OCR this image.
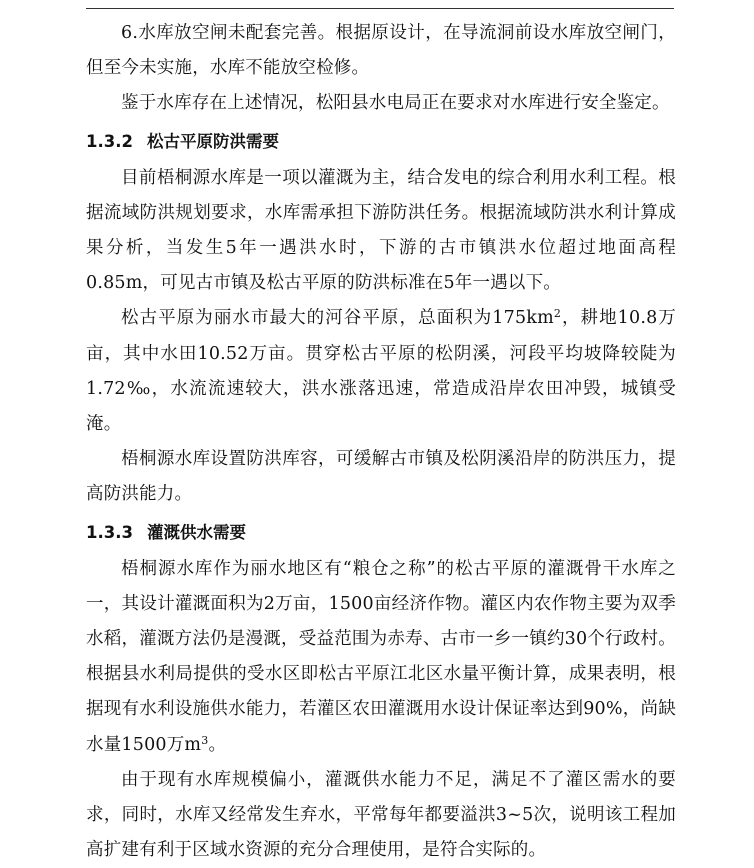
6.水库放空闸未配套完善。根据原设计，在导流洞前设水库放空闸门，但至今未实施，水库不能放空检修。

鉴于水库存在上述情况，松阳县水电局正在要求对水库进行安全鉴定。

1.3.2 松古平原防洪需要

目前梧桐源水库是一项以灌溉为主，结合发电的综合利用水利工程。根据流域防洪规划要求，水库需承担下游防洪任务。根据流域防洪水利计算成果分析，当发生5年一遇洪水时，下游的古市镇洪水位超过地面高程0.85m，可见古市镇及松古平原的防洪标准在5年一遇以下。

松古平原为丽水市最大的河谷平原，总面积为$175km^2$，耕地10.8万亩，其中水田10.52万亩。贯穿松古平原的松阴溪，河段平均坡降较陡为1.72‰，水流流速较大，洪水涨落迅速，常造成沿岸农田冲毁，城镇受淹。

梧桐源水库设置防洪库容，可缓解古市镇及松阴溪沿岸的防洪压力，提高防洪能力。

1.3.3 灌溉供水需要

梧桐源水库作为丽水地区有“粮仓之称”的松古平原的灌溉骨干水库之一，其设计灌溉面积为2万亩，1500亩经济作物。灌区内农作物主要为双季水稻，灌溉方法仍是漫溉，受益范围为赤寿、古市一乡一镇约30个行政村。根据县水利局提供的受水区即松古平原江北区水量平衡计算，成果表明，根据现有水利设施供水能力，若灌区农田灌溉用水设计保证率达到90%，尚缺水量1500万$m^3$。

由于现有水库规模偏小，灌溉供水能力不足，满足不了灌区需水的要求，同时，水库又经常发生弃水，平常每年都要溢洪3~5次，说明该工程加高扩建有利于区域水资源的充分合理使用，是符合实际的。
